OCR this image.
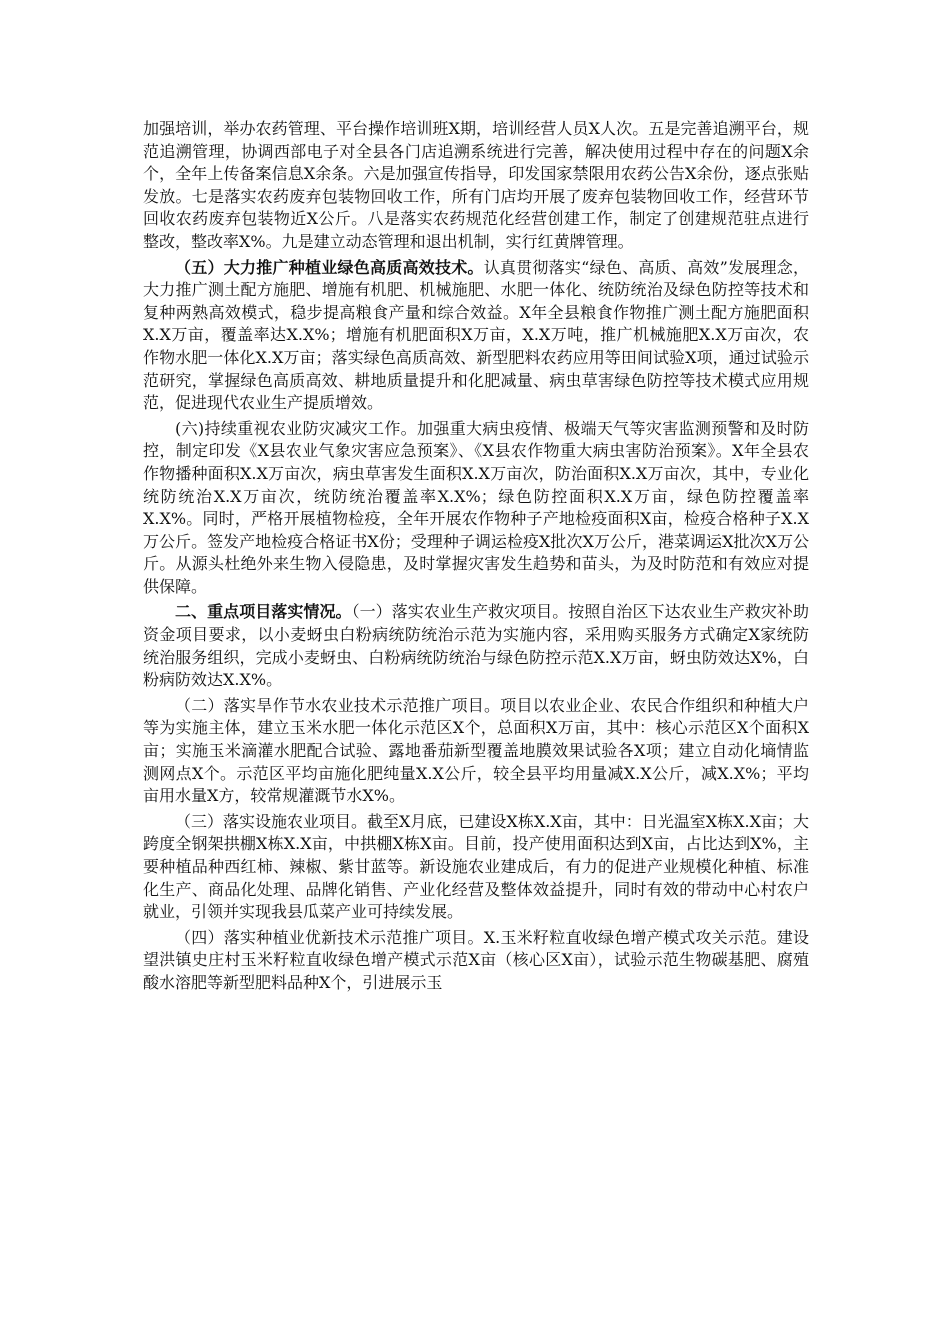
加强培训，举办农药管理、平台操作培训班X期，培训经营人员X人次。五是完善追溯平台，规范追溯管理，协调西部电子对全县各门店追溯系统进行完善，解决使用过程中存在的问题X余个，全年上传备案信息X余条。六是加强宣传指导，印发国家禁限用农药公告X余份，逐点张贴发放。七是落实农药废弃包装物回收工作，所有门店均开展了废弃包装物回收工作，经营环节回收农药废弃包装物近X公斤。八是落实农药规范化经营创建工作，制定了创建规范驻点进行整改，整改率X%。九是建立动态管理和退出机制，实行红黄牌管理。

（五）大力推广种植业绿色高质高效技术。认真贯彻落实“绿色、高质、高效”发展理念，大力推广测土配方施肥、增施有机肥、机械施肥、水肥一体化、统防统治及绿色防控等技术和复种两熟高效模式，稳步提高粮食产量和综合效益。X年全县粮食作物推广测土配方施肥面积X.X万亩，覆盖率达X.X%；增施有机肥面积X万亩，X.X万吨，推广机械施肥X.X万亩次，农作物水肥一体化X.X万亩；落实绿色高质高效、新型肥料农药应用等田间试验X项，通过试验示范研究，掌握绿色高质高效、耕地质量提升和化肥减量、病虫草害绿色防控等技术模式应用规范，促进现代农业生产提质增效。

(六)持续重视农业防灾减灾工作。加强重大病虫疫情、极端天气等灾害监测预警和及时防控，制定印发《X县农业气象灾害应急预案》、《X县农作物重大病虫害防治预案》。X年全县农作物播种面积X.X万亩次，病虫草害发生面积X.X万亩次，防治面积X.X万亩次，其中，专业化统防统治X.X万亩次，统防统治覆盖率X.X%；绿色防控面积X.X万亩，绿色防控覆盖率X.X%。同时，严格开展植物检疫，全年开展农作物种子产地检疫面积X亩，检疫合格种子X.X万公斤。签发产地检疫合格证书X份；受理种子调运检疫X批次X万公斤，港菜调运X批次X万公斤。从源头杜绝外来生物入侵隐患，及时掌握灾害发生趋势和苗头，为及时防范和有效应对提供保障。

二、重点项目落实情况。（一）落实农业生产救灾项目。按照自治区下达农业生产救灾补助资金项目要求，以小麦蚜虫白粉病统防统治示范为实施内容，采用购买服务方式确定X家统防统治服务组织，完成小麦蚜虫、白粉病统防统治与绿色防控示范X.X万亩，蚜虫防效达X%，白粉病防效达X.X%。

（二）落实旱作节水农业技术示范推广项目。项目以农业企业、农民合作组织和种植大户等为实施主体，建立玉米水肥一体化示范区X个，总面积X万亩，其中：核心示范区X个面积X亩；实施玉米滴灌水肥配合试验、露地番茄新型覆盖地膜效果试验各X项；建立自动化墒情监测网点X个。示范区平均亩施化肥纯量X.X公斤，较全县平均用量减X.X公斤，减X.X%；平均亩用水量X方，较常规灌溉节水X%。

（三）落实设施农业项目。截至X月底，已建设X栋X.X亩，其中：日光温室X栋X.X亩；大跨度全钢架拱棚X栋X.X亩，中拱棚X栋X亩。目前，投产使用面积达到X亩，占比达到X%，主要种植品种西红柿、辣椒、紫甘蓝等。新设施农业建成后，有力的促进产业规模化种植、标准化生产、商品化处理、品牌化销售、产业化经营及整体效益提升，同时有效的带动中心村农户就业，引领并实现我县瓜菜产业可持续发展。

（四）落实种植业优新技术示范推广项目。X.玉米籽粒直收绿色增产模式攻关示范。建设望洪镇史庄村玉米籽粒直收绿色增产模式示范X亩（核心区X亩），试验示范生物碳基肥、腐殖酸水溶肥等新型肥料品种X个，引进展示玉
